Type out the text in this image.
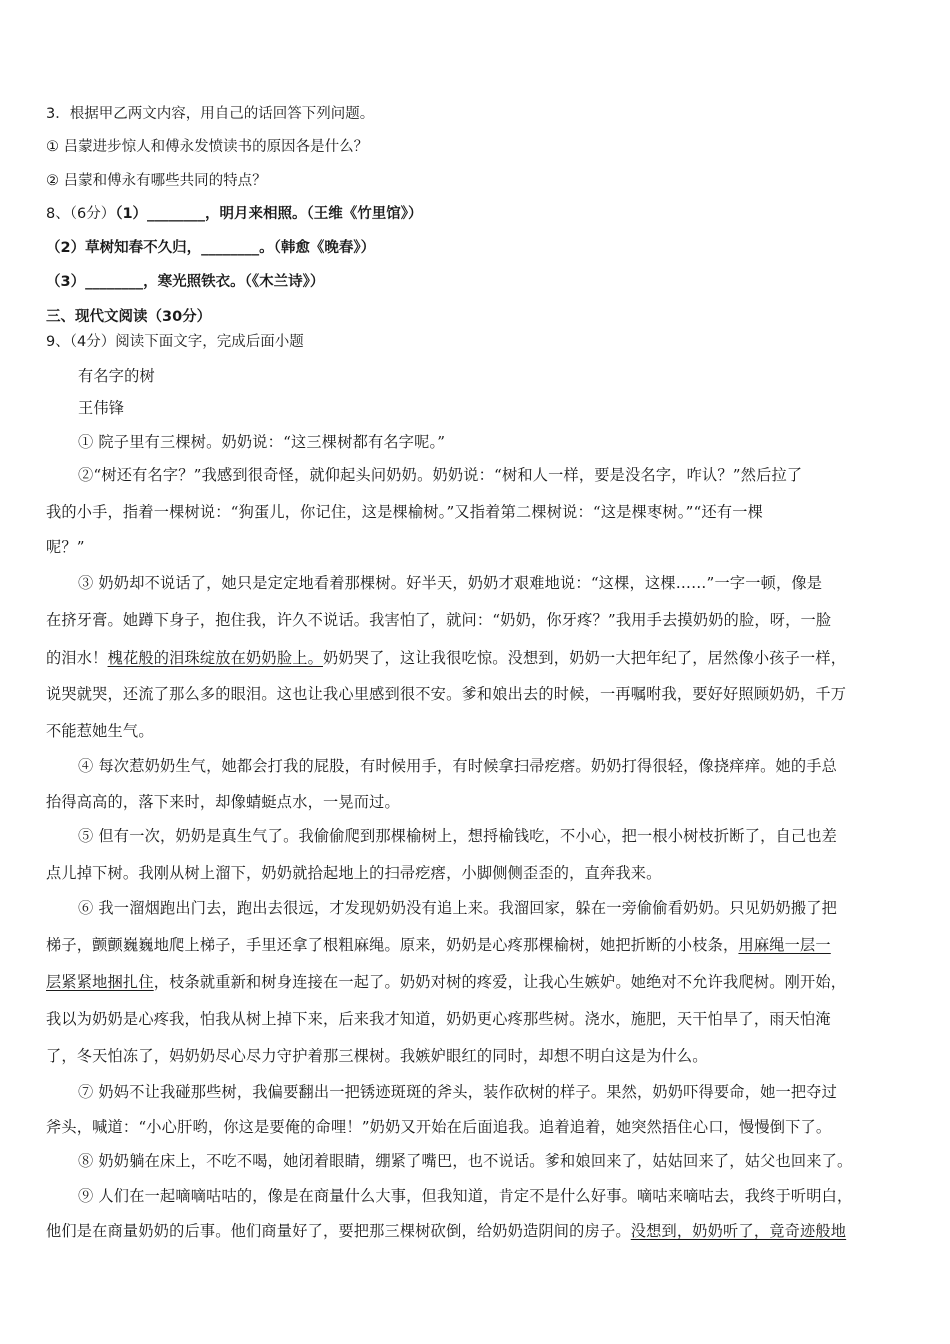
3．根据甲乙两文内容，用自己的话回答下列问题。
① 吕蒙进步惊人和傅永发愤读书的原因各是什么？
② 吕蒙和傅永有哪些共同的特点？
8、（6分）（1）________，明月来相照。（王维《竹里馆》）
（2）草树知春不久归，________。（韩愈《晚春》）
（3）________，寒光照铁衣。（《木兰诗》）
三、现代文阅读（30分）
9、（4分）阅读下面文字，完成后面小题
有名字的树
王伟锋
① 院子里有三棵树。奶奶说：“这三棵树都有名字呢。”
②“树还有名字？”我感到很奇怪，就仰起头问奶奶。奶奶说：“树和人一样，要是没名字，咋认？”然后拉了
我的小手，指着一棵树说：“狗蛋儿，你记住，这是棵榆树。”又指着第二棵树说：“这是棵枣树。”“还有一棵
呢？”
③ 奶奶却不说话了，她只是定定地看着那棵树。好半天，奶奶才艰难地说：“这棵，这棵……”一字一顿，像是
在挤牙膏。她蹲下身子，抱住我，许久不说话。我害怕了，就问：“奶奶，你牙疼？”我用手去摸奶奶的脸，呀，一脸
的泪水！槐花般的泪珠绽放在奶奶脸上。奶奶哭了，这让我很吃惊。没想到，奶奶一大把年纪了，居然像小孩子一样，
说哭就哭，还流了那么多的眼泪。这也让我心里感到很不安。爹和娘出去的时候，一再嘱咐我，要好好照顾奶奶，千万
不能惹她生气。
④ 每次惹奶奶生气，她都会打我的屁股，有时候用手，有时候拿扫帚疙瘩。奶奶打得很轻，像挠痒痒。她的手总
抬得高高的，落下来时，却像蜻蜓点水，一晃而过。
⑤ 但有一次，奶奶是真生气了。我偷偷爬到那棵榆树上，想捋榆钱吃，不小心，把一根小树枝折断了，自己也差
点儿掉下树。我刚从树上溜下，奶奶就拾起地上的扫帚疙瘩，小脚侧侧歪歪的，直奔我来。
⑥ 我一溜烟跑出门去，跑出去很远，才发现奶奶没有追上来。我溜回家，躲在一旁偷偷看奶奶。只见奶奶搬了把
梯子，颤颤巍巍地爬上梯子，手里还拿了根粗麻绳。原来，奶奶是心疼那棵榆树，她把折断的小枝条，用麻绳一层一
层紧紧地捆扎住，枝条就重新和树身连接在一起了。奶奶对树的疼爱，让我心生嫉妒。她绝对不允许我爬树。刚开始，
我以为奶奶是心疼我，怕我从树上掉下来，后来我才知道，奶奶更心疼那些树。浇水，施肥，天干怕旱了，雨天怕淹
了，冬天怕冻了，妈奶奶尽心尽力守护着那三棵树。我嫉妒眼红的同时，却想不明白这是为什么。
⑦ 奶妈不让我碰那些树，我偏要翻出一把锈迹斑斑的斧头，装作砍树的样子。果然，奶奶吓得要命，她一把夺过
斧头，喊道：“小心肝哟，你这是要俺的命哩！”奶奶又开始在后面追我。追着追着，她突然捂住心口，慢慢倒下了。
⑧ 奶奶躺在床上，不吃不喝，她闭着眼睛，绷紧了嘴巴，也不说话。爹和娘回来了，姑姑回来了，姑父也回来了。
⑨ 人们在一起嘀嘀咕咕的，像是在商量什么大事，但我知道，肯定不是什么好事。嘀咕来嘀咕去，我终于听明白，
他们是在商量奶奶的后事。他们商量好了，要把那三棵树砍倒，给奶奶造阴间的房子。没想到，奶奶听了，竟奇迹般地
